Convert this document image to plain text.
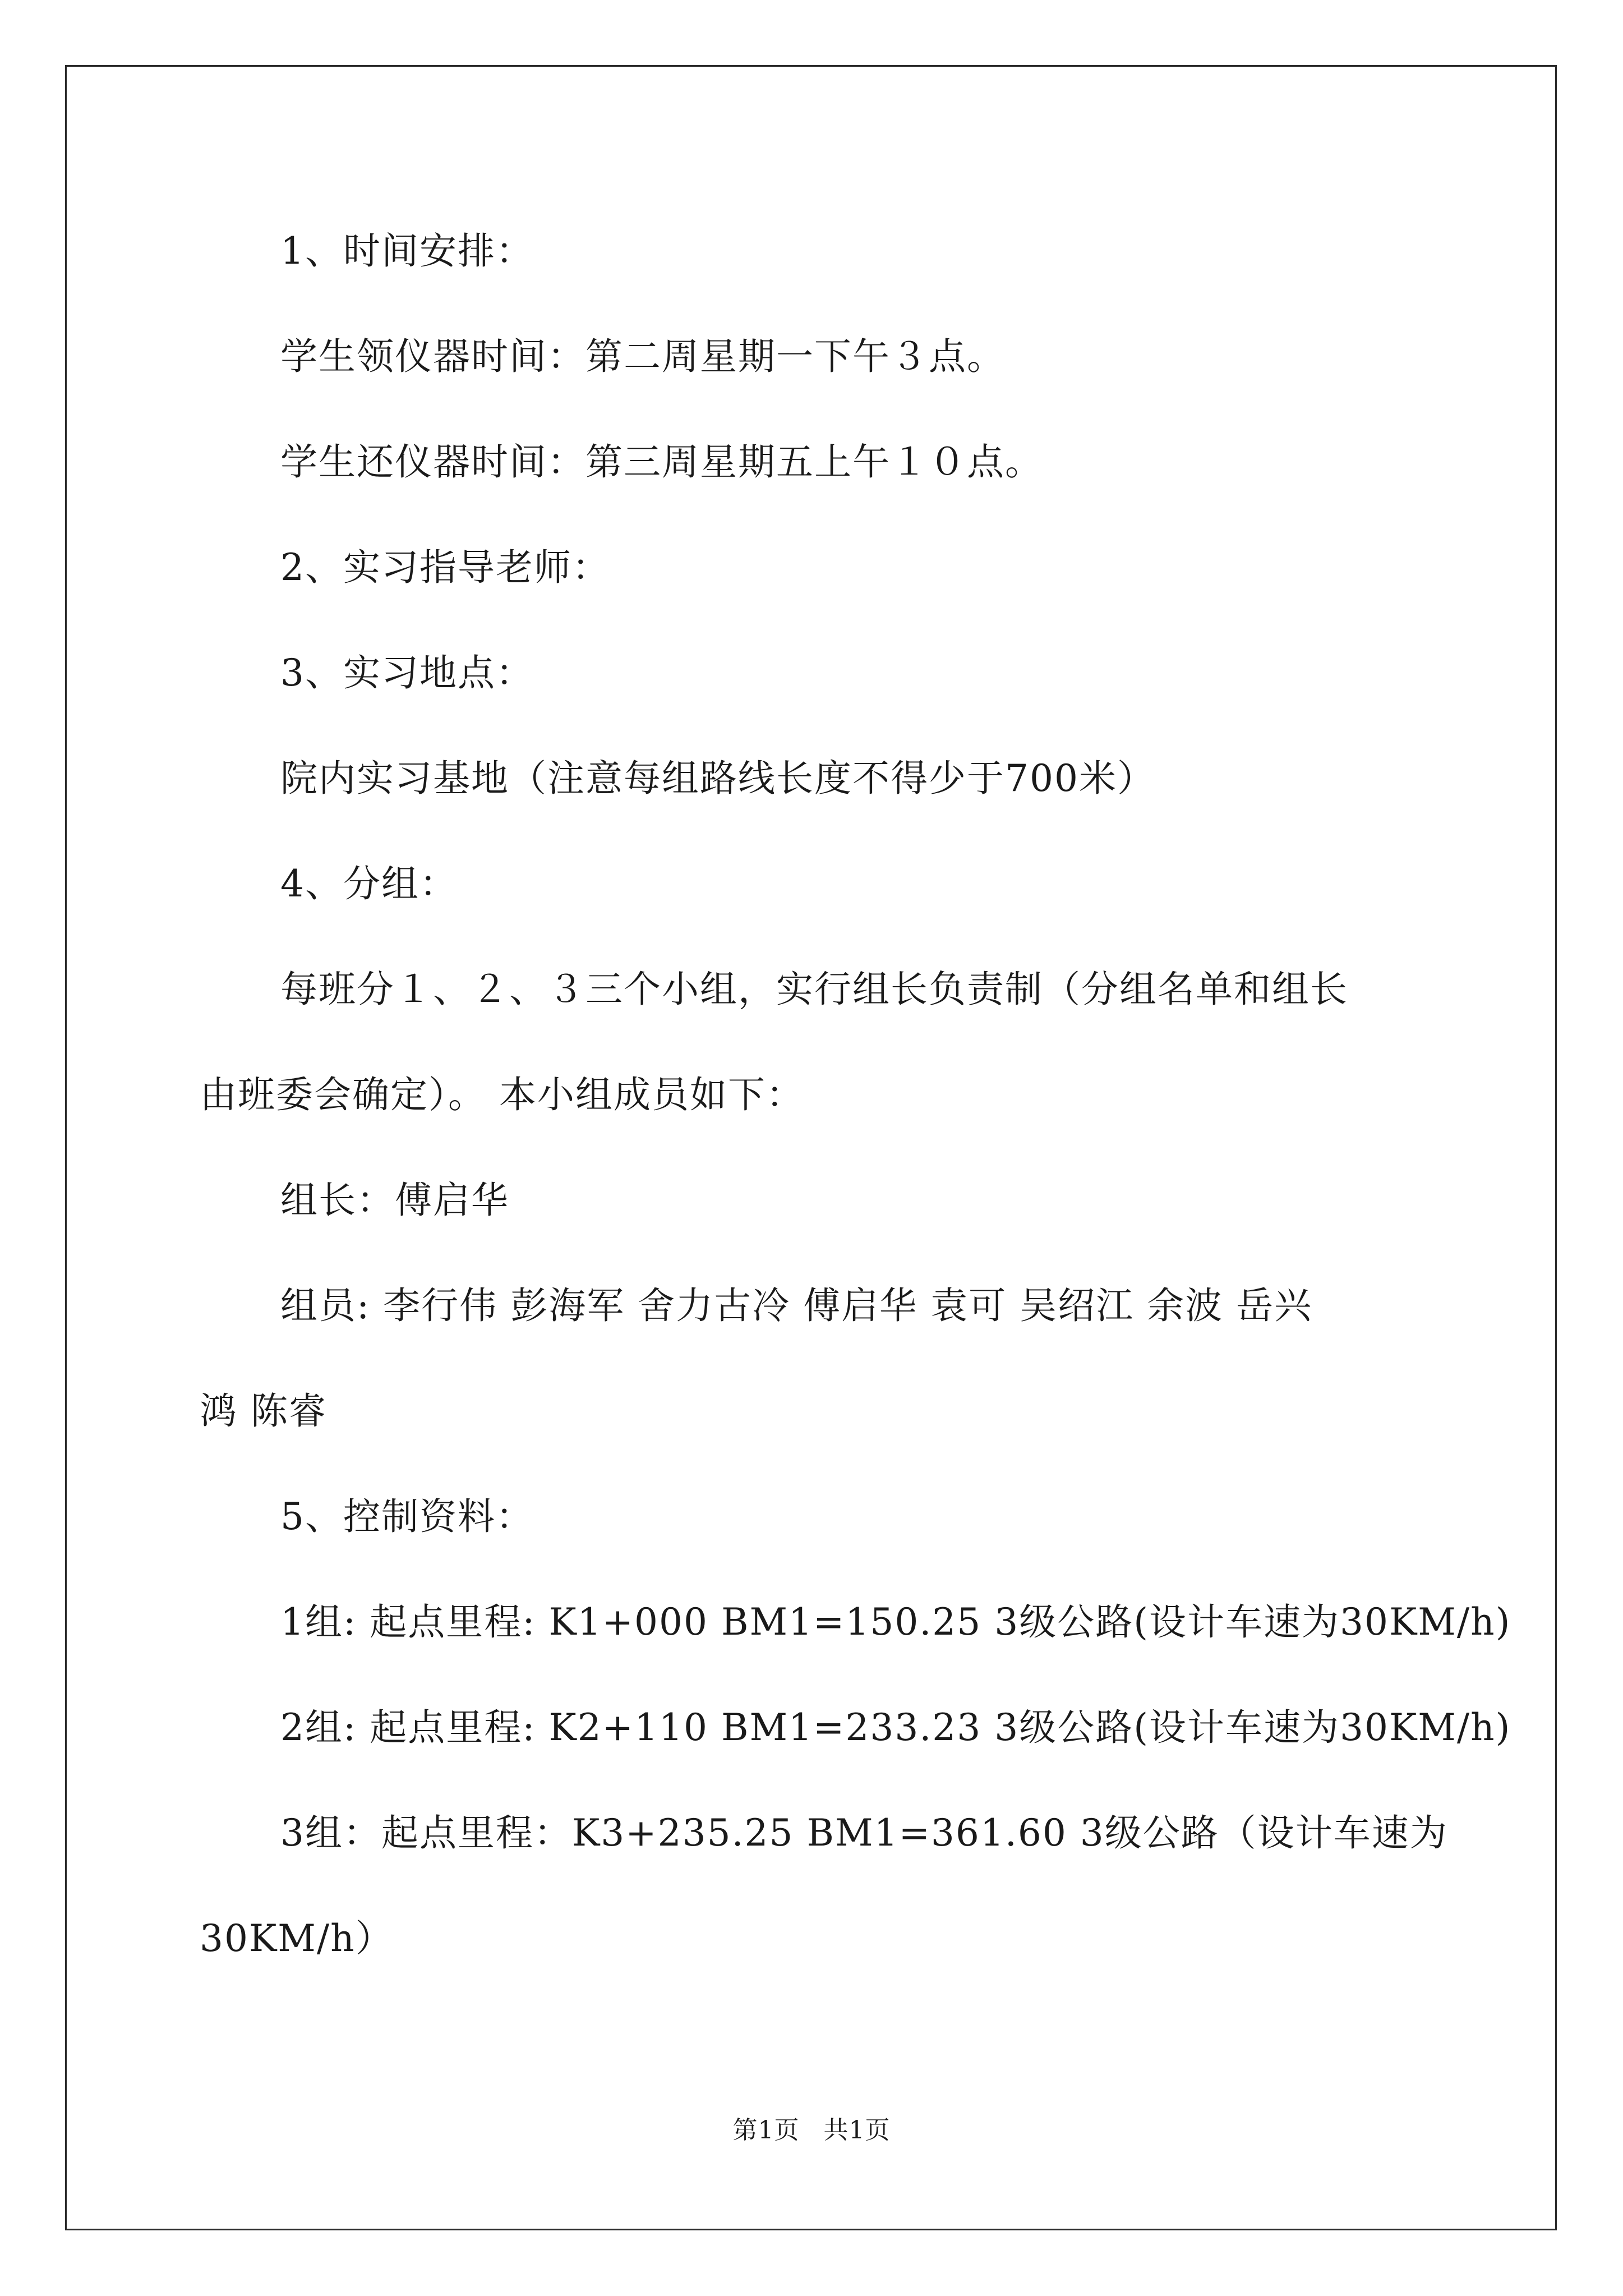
1、时间安排：
学生领仪器时间：第二周星期一下午３点。
学生还仪器时间：第三周星期五上午１０点。
2、实习指导老师：
3、实习地点：
院内实习基地（注意每组路线长度不得少于700米）
4、分组：
每班分１、２、３三个小组，实行组长负责制（分组名单和组长
由班委会确定）。 本小组成员如下：
组长：傅启华
组员: 李行伟 彭海军 舍力古冷 傅启华 袁可 吴绍江 余波 岳兴
鸿 陈睿
5、控制资料：
1组: 起点里程: K1+000 BM1=150.25 3级公路(设计车速为30KM/h)
2组: 起点里程: K2+110 BM1=233.23 3级公路(设计车速为30KM/h)
3组：起点里程：K3+235.25 BM1=361.60 3级公路（设计车速为
30KM/h）
第1页 共1页
